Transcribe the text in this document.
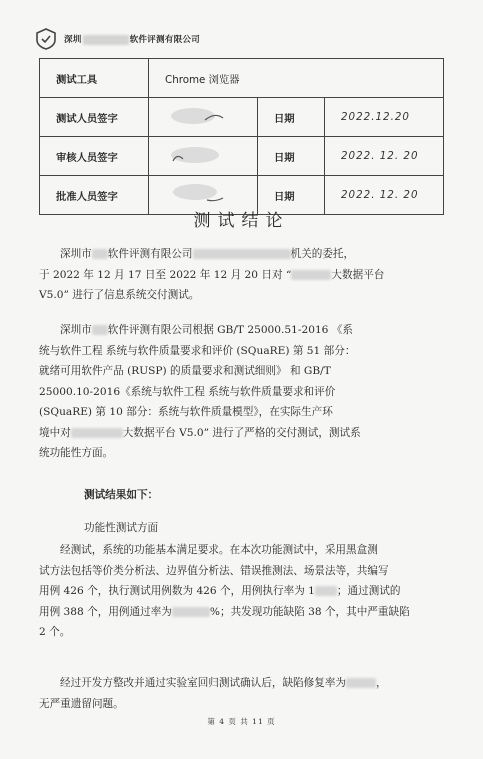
深圳	软件评测有限公司
测试工具	Chrome 浏览器		
测试人员签字		日期	2022.12.20
审核人员签字		日期	2022. 12. 20
批准人员签字		日期	2022. 12. 20
测试结论
深圳市 软件评测有限公司	机关的委托，
于 2022 年 12 月 17 日至 2022 年 12 月 20 日对 “	大数据平台
V5.0” 进行了信息系统交付测试。
深圳市 软件评测有限公司根据 GB/T 25000.51-2016 《系
统与软件工程 系统与软件质量要求和评价 (SQuaRE) 第 51 部分：
就绪可用软件产品 (RUSP) 的质量要求和测试细则》 和 GB/T
25000.10-2016《系统与软件工程 系统与软件质量要求和评价
(SQuaRE) 第 10 部分：系统与软件质量模型》，在实际生产环
境中对	大数据平台 V5.0” 进行了严格的交付测试，测试系
统功能性方面。
测试结果如下：
功能性测试方面
经测试，系统的功能基本满足要求。在本次功能测试中，采用黑盒测
试方法包括等价类分析法、边界值分析法、错误推测法、场景法等，共编写
用例 426 个，执行测试用例数为 426 个，用例执行率为 1 ；通过测试的
用例 388 个，用例通过率为	%；共发现功能缺陷 38 个，其中严重缺陷
2 个。
经过开发方整改并通过实验室回归测试确认后，缺陷修复率为	，
无严重遗留问题。
第 4 页 共 11 页
